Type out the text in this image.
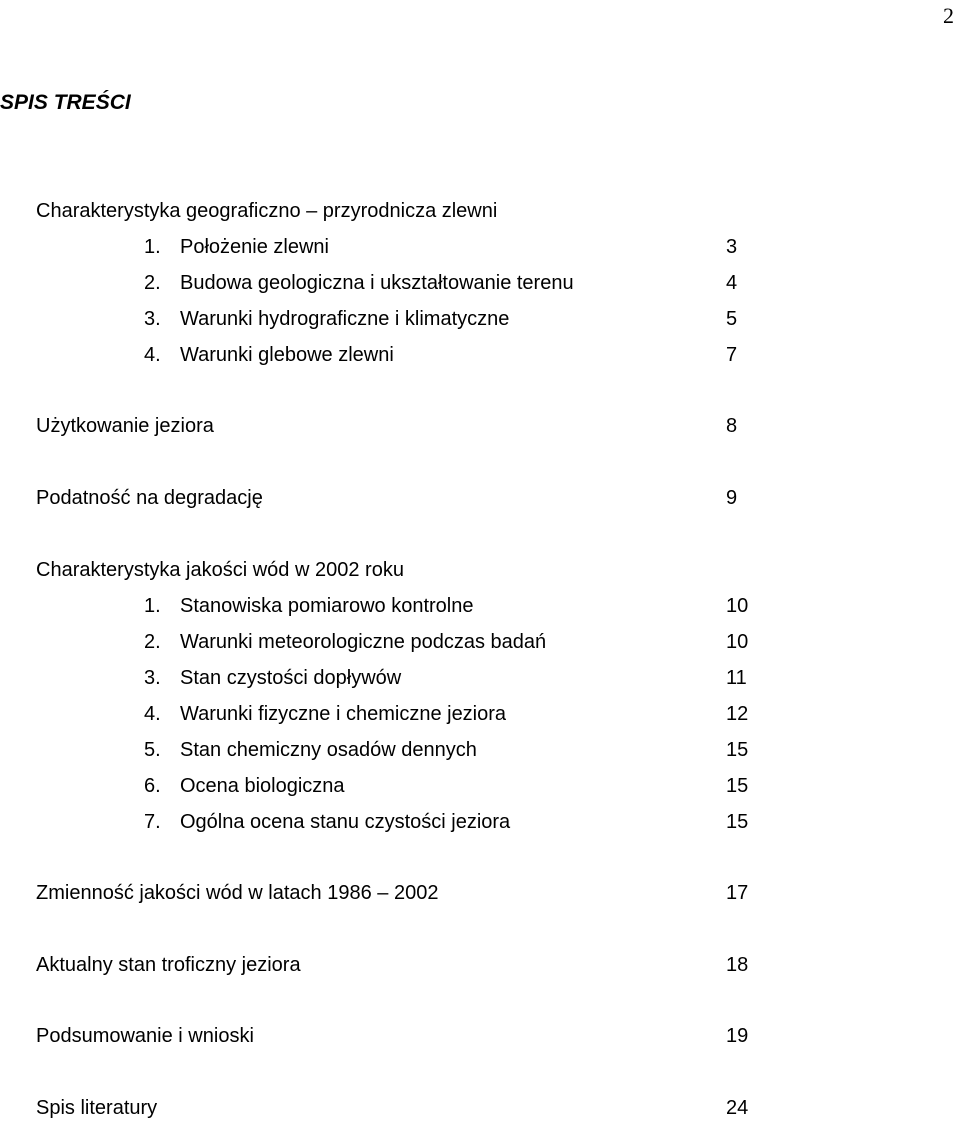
2
SPIS TREŚCI
Charakterystyka geograficzno – przyrodnicza zlewni
1. Położenie zlewni	3
2. Budowa geologiczna i ukształtowanie terenu	4
3. Warunki hydrograficzne i klimatyczne	5
4. Warunki glebowe zlewni	7
Użytkowanie jeziora	8
Podatność na degradację	9
Charakterystyka jakości wód w 2002 roku
1. Stanowiska pomiarowo kontrolne	10
2. Warunki meteorologiczne podczas badań	10
3. Stan czystości dopływów	11
4. Warunki fizyczne i chemiczne jeziora	12
5. Stan chemiczny osadów dennych	15
6. Ocena biologiczna	15
7. Ogólna ocena stanu czystości jeziora	15
Zmienność jakości wód w latach 1986 – 2002	17
Aktualny stan troficzny jeziora	18
Podsumowanie i wnioski	19
Spis literatury	24
